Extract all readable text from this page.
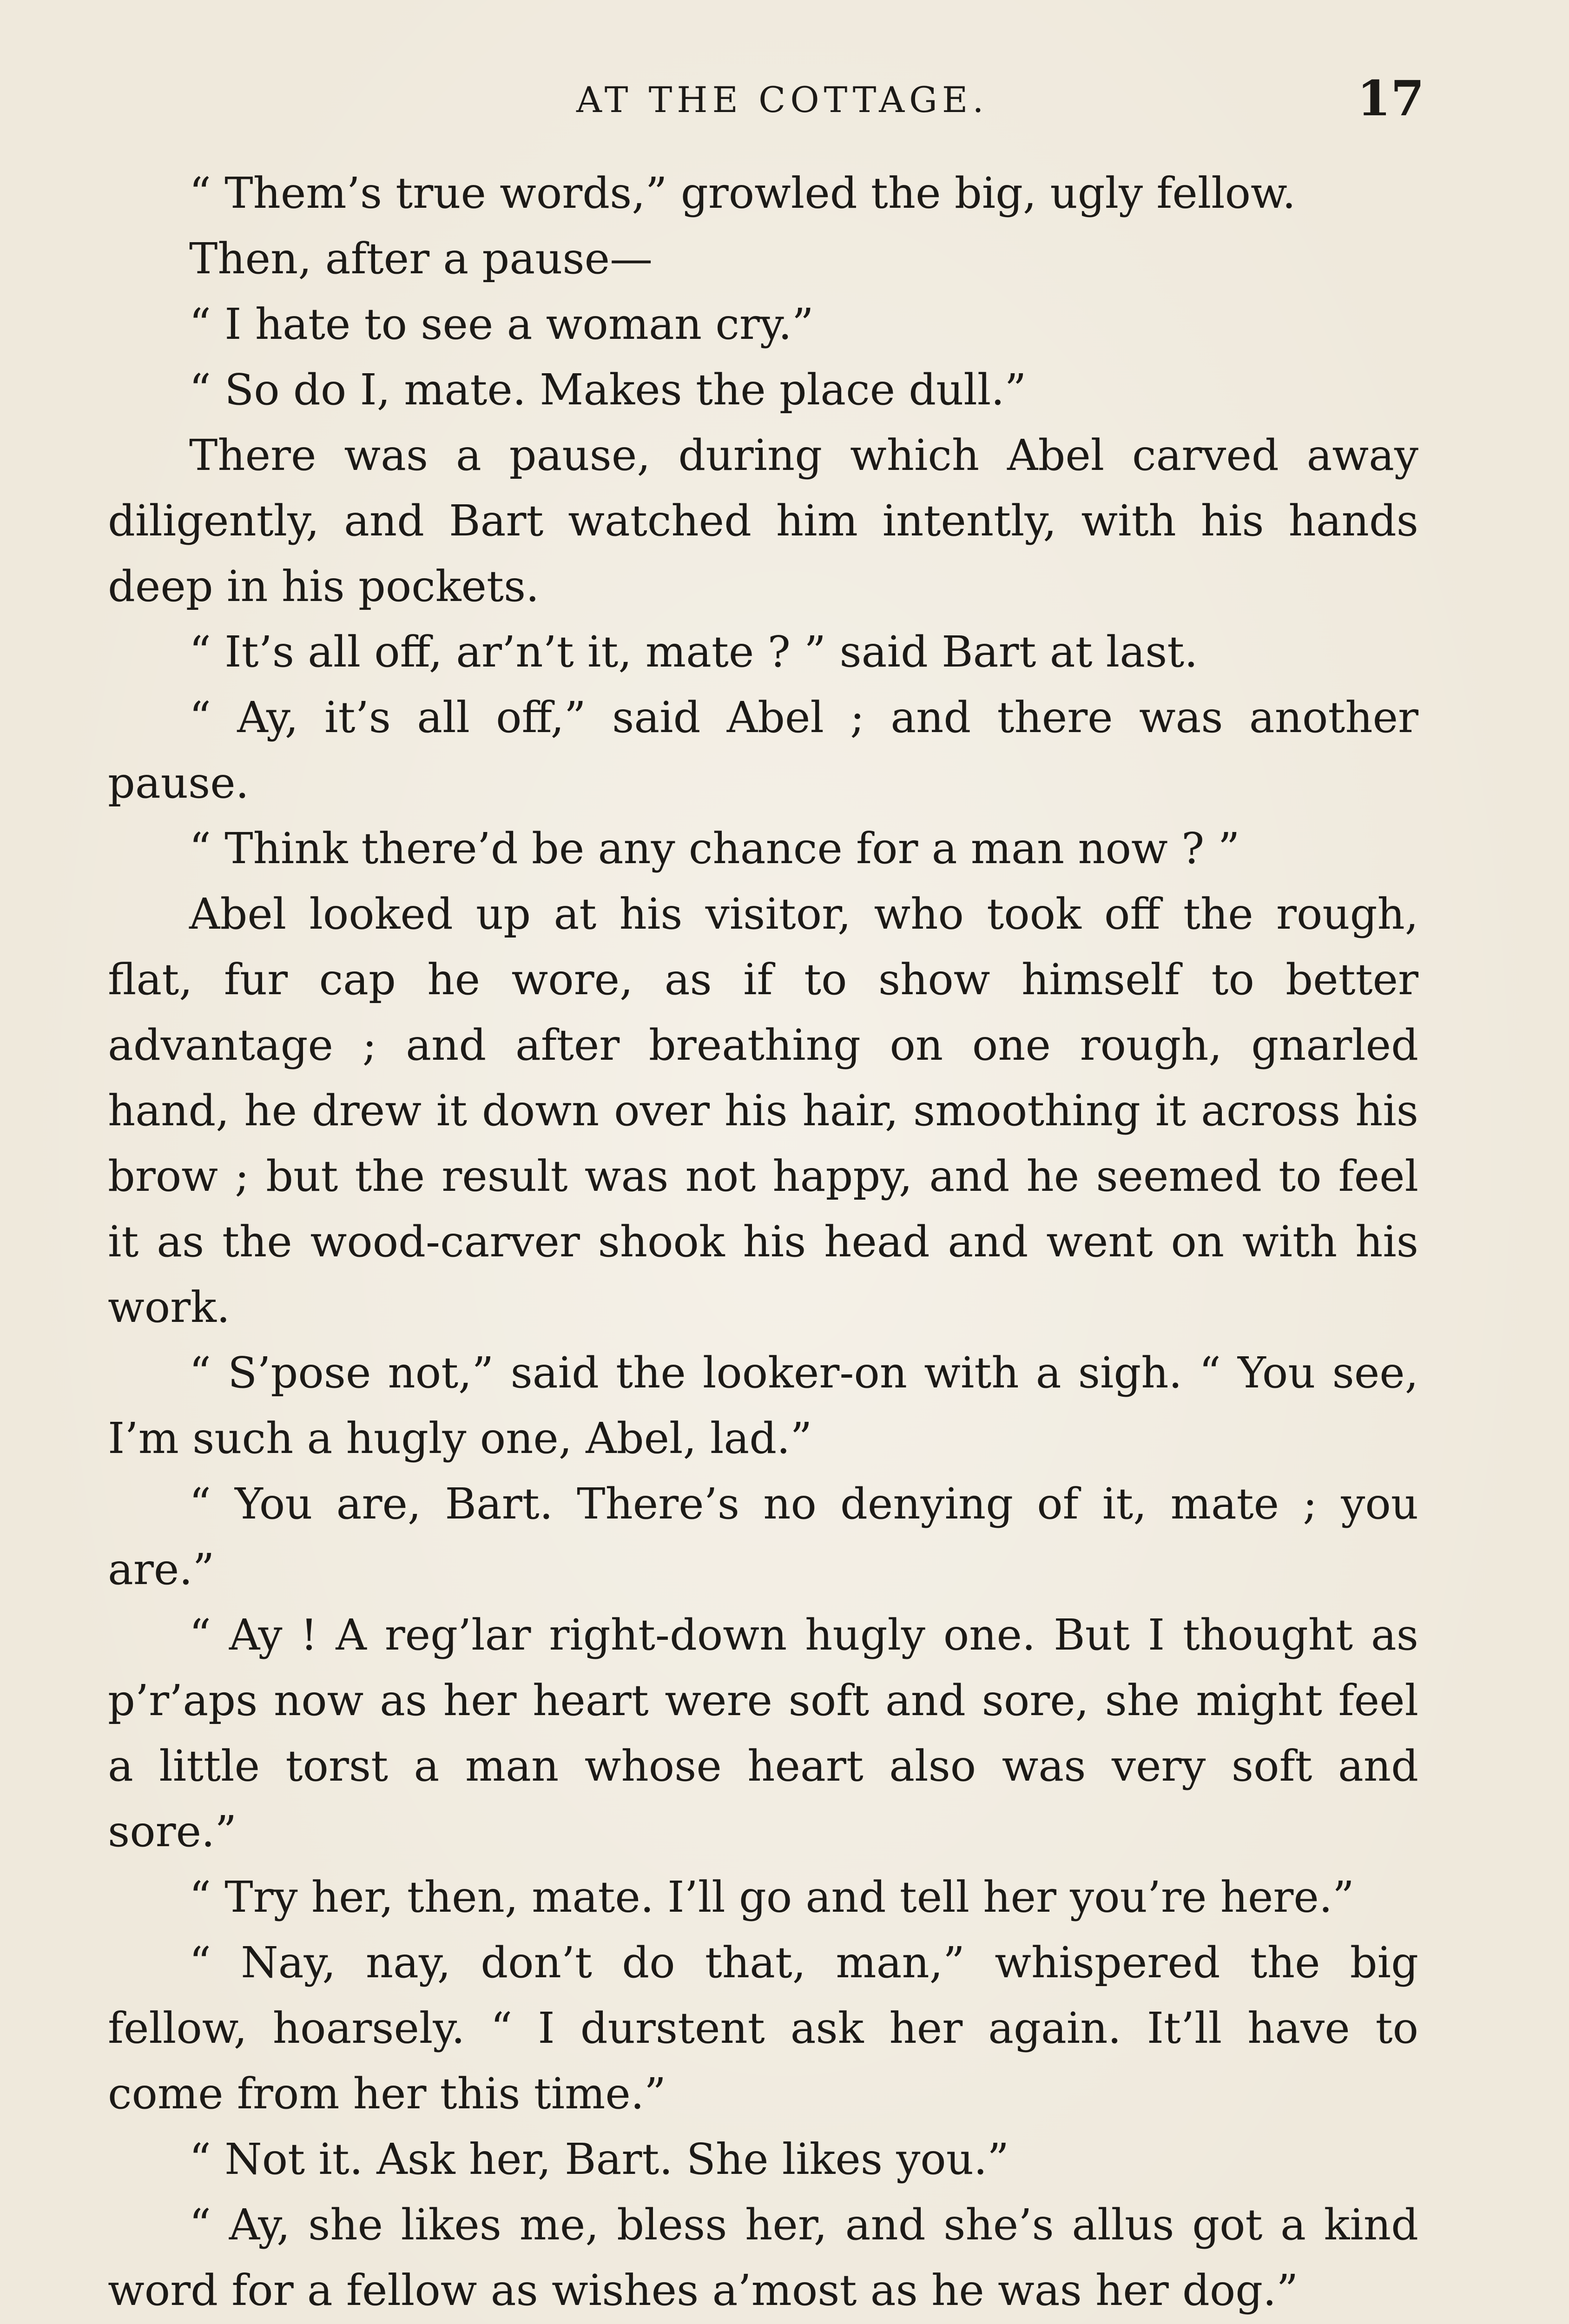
AT THE COTTAGE.	17

“ Them’s true words,” growled the big, ugly fellow.

Then, after a pause—

“ I hate to see a woman cry.”

“ So do I, mate. Makes the place dull.”

There was a pause, during which Abel carved away diligently, and Bart watched him intently, with his hands deep in his pockets.

“ It’s all off, ar’n’t it, mate ? ” said Bart at last.

“ Ay, it’s all off,” said Abel ; and there was another pause.

“ Think there’d be any chance for a man now ? ”

Abel looked up at his visitor, who took off the rough, flat, fur cap he wore, as if to show himself to better advantage ; and after breathing on one rough, gnarled hand, he drew it down over his hair, smoothing it across his brow ; but the result was not happy, and he seemed to feel it as the wood-carver shook his head and went on with his work.

“ S’pose not,” said the looker-on with a sigh. “ You see, I’m such a hugly one, Abel, lad.”

“ You are, Bart. There’s no denying of it, mate ; you are.”

“ Ay ! A reg’lar right-down hugly one. But I thought as p’r’aps now as her heart were soft and sore, she might feel a little torst a man whose heart also was very soft and sore.”

“ Try her, then, mate. I’ll go and tell her you’re here.”

“ Nay, nay, don’t do that, man,” whispered the big fellow, hoarsely. “ I durstent ask her again. It’ll have to come from her this time.”

“ Not it. Ask her, Bart. She likes you.”

“ Ay, she likes me, bless her, and she’s allus got a kind word for a fellow as wishes a’most as he was her dog.”
